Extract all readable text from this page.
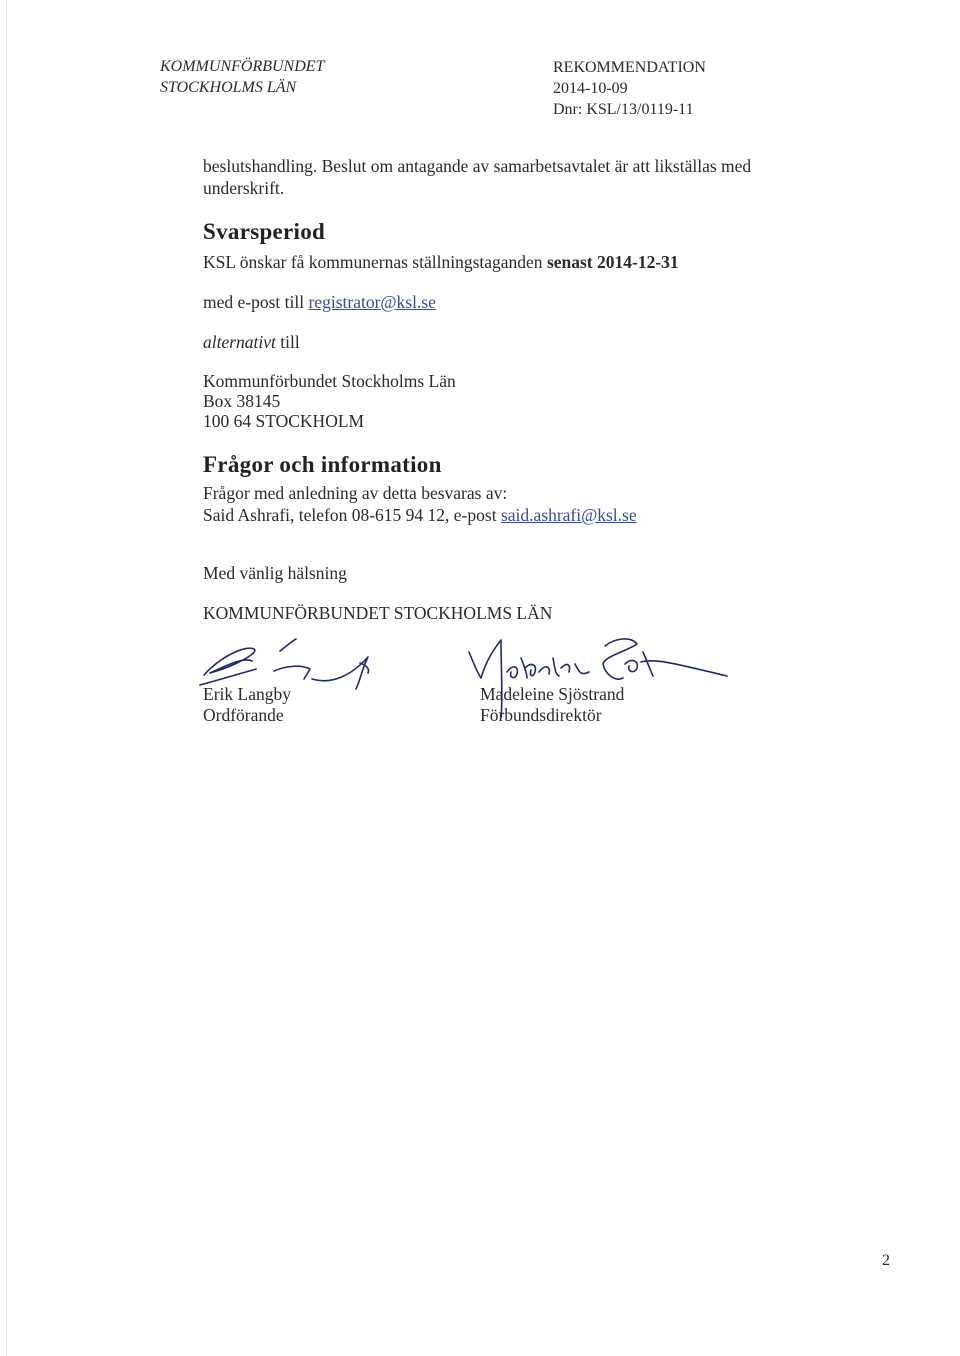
KOMMUNFÖRBUNDET
STOCKHOLMS LÄN
REKOMMENDATION
2014-10-09
Dnr: KSL/13/0119-11
beslutshandling. Beslut om antagande av samarbetsavtalet är att likställas med
underskrift.
Svarsperiod
KSL önskar få kommunernas ställningstaganden senast 2014-12-31
med e-post till registrator@ksl.se
alternativt till
Kommunförbundet Stockholms Län
Box 38145
100 64 STOCKHOLM
Frågor och information
Frågor med anledning av detta besvaras av:
Said Ashrafi, telefon 08-615 94 12, e-post said.ashrafi@ksl.se
Med vänlig hälsning
KOMMUNFÖRBUNDET STOCKHOLMS LÄN
Erik Langby
Ordförande
Madeleine Sjöstrand
Förbundsdirektör
2
